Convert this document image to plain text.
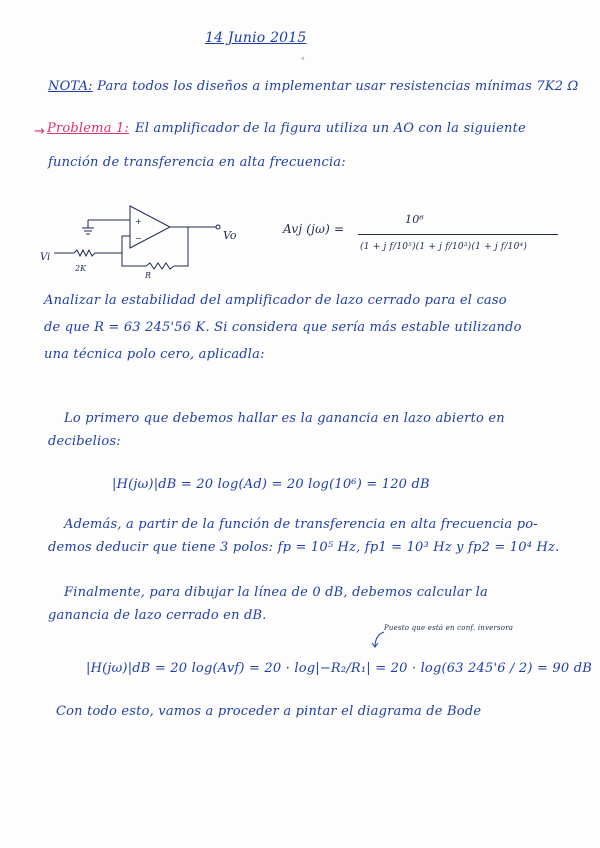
14 Junio 2015
°
NOTA: Para todos los diseños a implementar usar resistencias mínimas 7K2 Ω
→ Problema 1: El amplificador de la figura utiliza un AO con la siguiente
función de transferencia en alta frecuencia:
+
−	Vo
Vi
2K
R
Avj (jω) =
10⁶
(1 + j f/10⁵)(1 + j f/10³)(1 + j f/10⁴)
Analizar la estabilidad del amplificador de lazo cerrado para el caso
de que R = 63 245'56 K. Si considera que sería más estable utilizando
una técnica polo cero, aplicadla:
Lo primero que debemos hallar es la ganancia en lazo abierto en
decibelios:
|H(jω)|dB = 20 log(Ad) = 20 log(10⁶) = 120 dB
Además, a partir de la función de transferencia en alta frecuencia po-
demos deducir que tiene 3 polos: fp = 10⁵ Hz, fp1 = 10³ Hz y fp2 = 10⁴ Hz.
Finalmente, para dibujar la línea de 0 dB, debemos calcular la
ganancia de lazo cerrado en dB.
Puesto que está en conf. inversora
|H(jω)|dB = 20 log(Avf) = 20 · log|−R₂/R₁| = 20 · log(63 245'6 / 2) = 90 dB
Con todo esto, vamos a proceder a pintar el diagrama de Bode
